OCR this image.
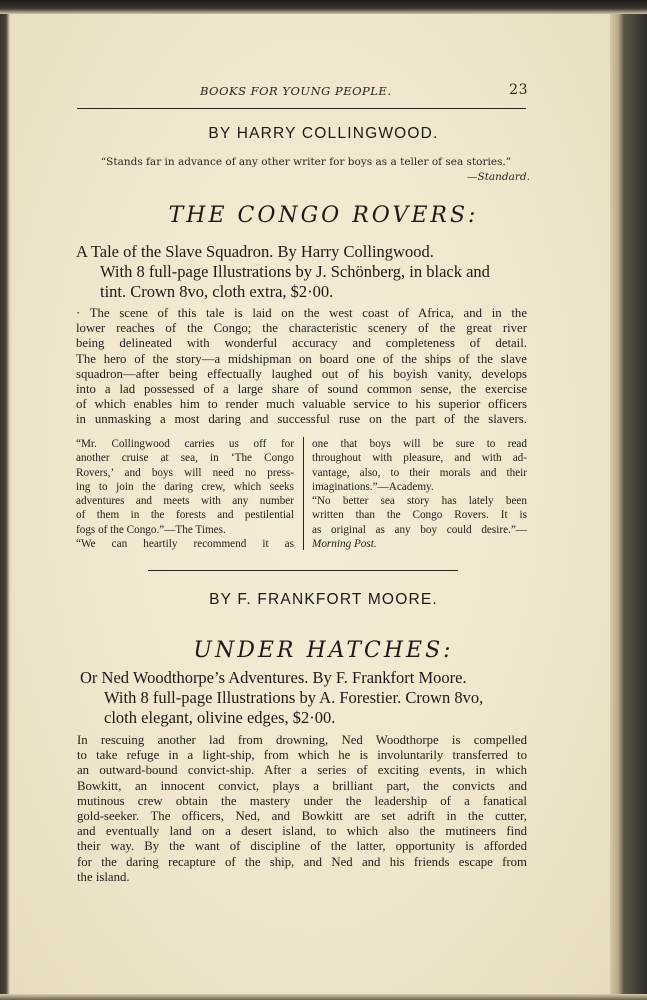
BOOKS FOR YOUNG PEOPLE.	23
BY HARRY COLLINGWOOD.
“Stands far in advance of any other writer for boys as a teller of sea stories.”
—Standard.
THE CONGO ROVERS:
A Tale of the Slave Squadron. By Harry Collingwood.
With 8 full-page Illustrations by J. Schönberg, in black and
tint. Crown 8vo, cloth extra, $2·00.
· The scene of this tale is laid on the west coast of Africa, and in the
lower reaches of the Congo; the characteristic scenery of the great river
being delineated with wonderful accuracy and completeness of detail.
The hero of the story—a midshipman on board one of the ships of the slave
squadron—after being effectually laughed out of his boyish vanity, develops
into a lad possessed of a large share of sound common sense, the exercise
of which enables him to render much valuable service to his superior officers
in unmasking a most daring and successful ruse on the part of the slavers.
“Mr. Collingwood carries us off for
another cruise at sea, in ‘The Congo
Rovers,’ and boys will need no press-
ing to join the daring crew, which seeks
adventures and meets with any number
of them in the forests and pestilential
fogs of the Congo.”—The Times.
“We can heartily recommend it as
one that boys will be sure to read
throughout with pleasure, and with ad-
vantage, also, to their morals and their
imaginations.”—Academy.
“No better sea story has lately been
written than the Congo Rovers. It is
as original as any boy could desire.”—
Morning Post.
BY F. FRANKFORT MOORE.
UNDER HATCHES:
Or Ned Woodthorpe’s Adventures. By F. Frankfort Moore.
With 8 full-page Illustrations by A. Forestier. Crown 8vo,
cloth elegant, olivine edges, $2·00.
In rescuing another lad from drowning, Ned Woodthorpe is compelled
to take refuge in a light-ship, from which he is involuntarily transferred to
an outward-bound convict-ship. After a series of exciting events, in which
Bowkitt, an innocent convict, plays a brilliant part, the convicts and
mutinous crew obtain the mastery under the leadership of a fanatical
gold-seeker. The officers, Ned, and Bowkitt are set adrift in the cutter,
and eventually land on a desert island, to which also the mutineers find
their way. By the want of discipline of the latter, opportunity is afforded
for the daring recapture of the ship, and Ned and his friends escape from
the island.
